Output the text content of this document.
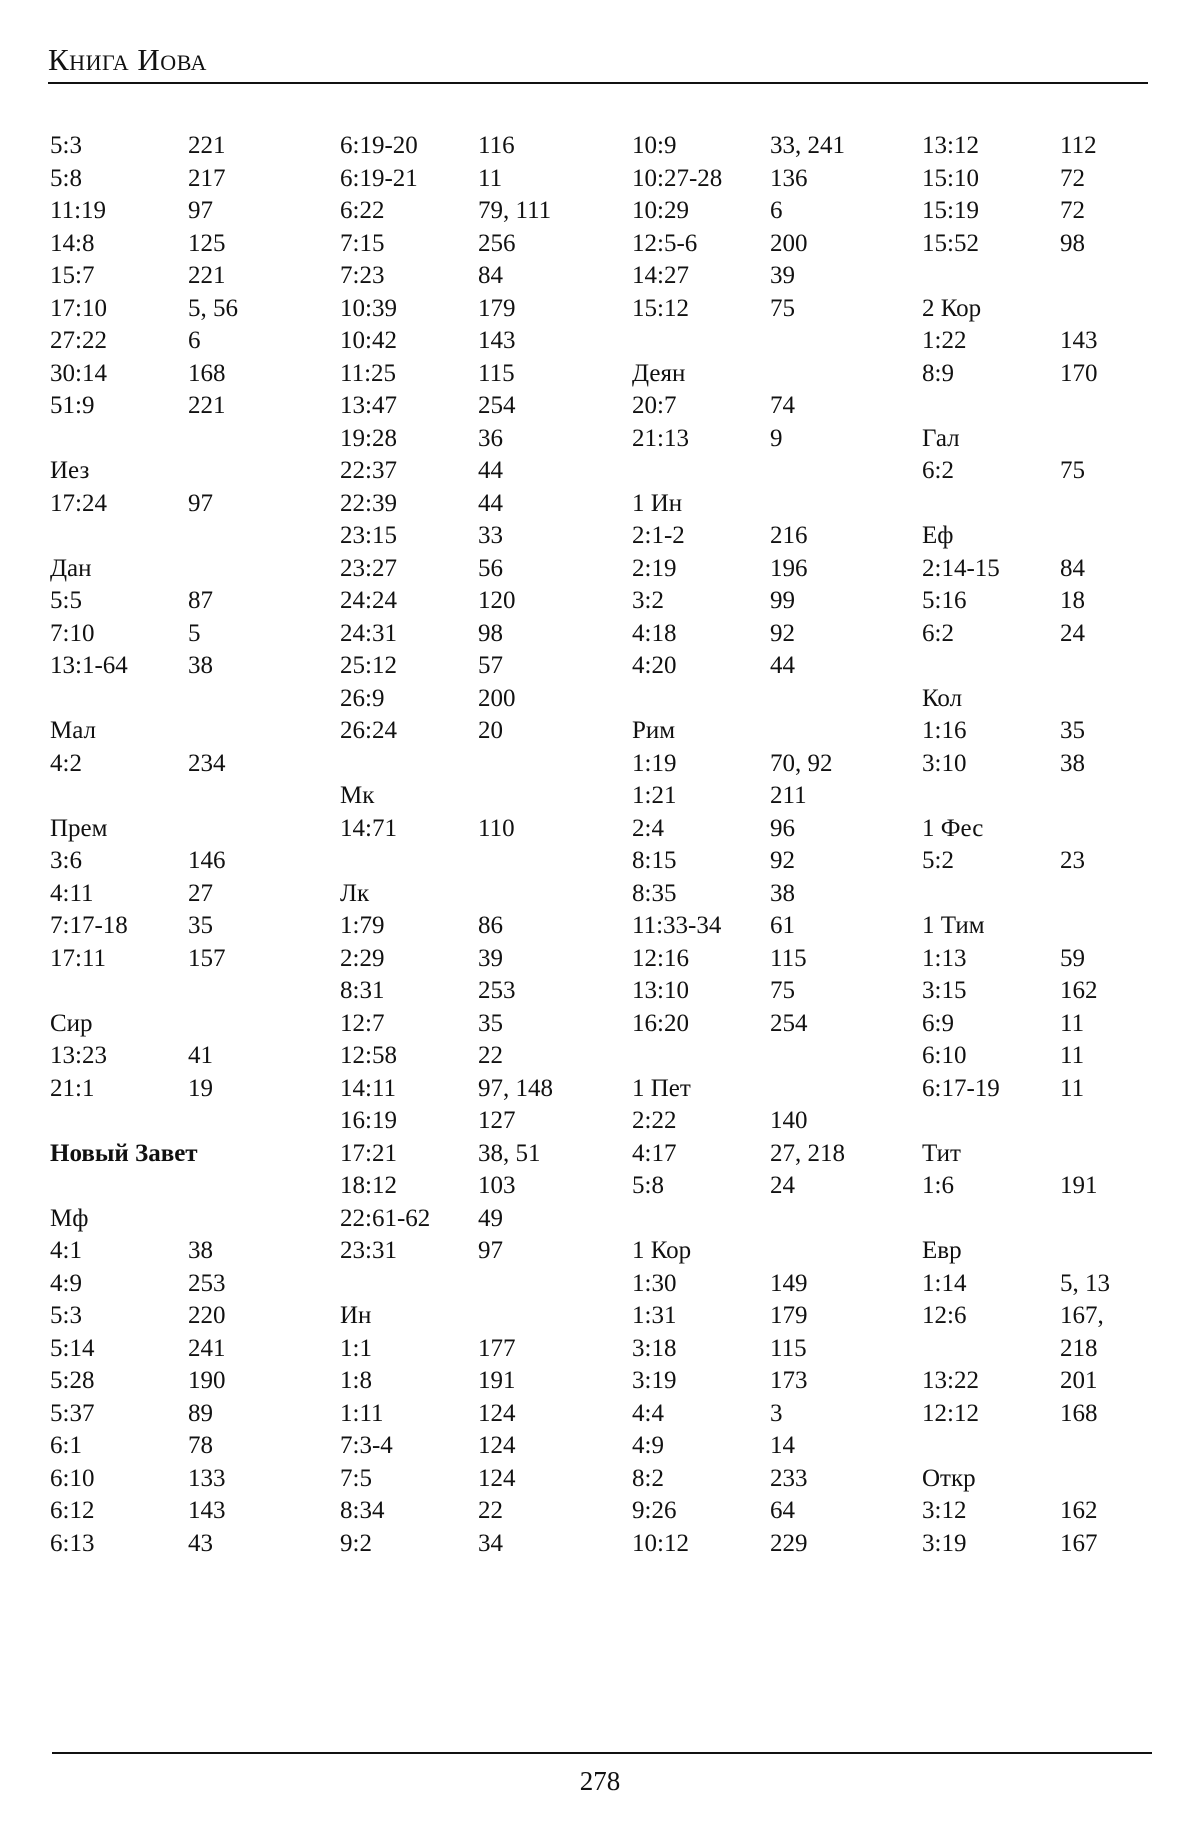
Книга Иова
5:3	221
5:8	217
11:19	97
14:8	125
15:7	221
17:10	5, 56
27:22	6
30:14	168
51:9	221
Иез
17:24	97
Дан
5:5	87
7:10	5
13:1-64 38
Мал
4:2	234
Прем
3:6	146
4:11	27
7:17-18 35
17:11	157
Сир
13:23	41
21:1	19
Новый Завет
Мф
4:1	38
4:9	253
5:3	220
5:14	241
5:28	190
5:37	89
6:1	78
6:10	133
6:12	143
6:13	43
6:19-20 116
6:19-21 11
6:22	79, 111
7:15	256
7:23	84
10:39	179
10:42	143
11:25	115
13:47	254
19:28	36
22:37	44
22:39	44
23:15	33
23:27	56
24:24	120
24:31	98
25:12	57
26:9	200
26:24	20
Мк
14:71	110
Лк
1:79	86
2:29	39
8:31	253
12:7	35
12:58	22
14:11	97, 148
16:19	127
17:21	38, 51
18:12	103
22:61-62 49
23:31	97
Ин
1:1	177
1:8	191
1:11	124
7:3-4	124
7:5	124
8:34	22
9:2	34
10:9	33, 241
10:27-28 136
10:29	6
12:5-6	200
14:27	39
15:12	75
Деян
20:7	74
21:13	9
1 Ин
2:1-2	216
2:19	196
3:2	99
4:18	92
4:20	44
Рим
1:19	70, 92
1:21	211
2:4	96
8:15	92
8:35	38
11:33-34 61
12:16	115
13:10	75
16:20	254
1 Пет
2:22	140
4:17	27, 218
5:8	24
1 Кор
1:30	149
1:31	179
3:18	115
3:19	173
4:4	3
4:9	14
8:2	233
9:26	64
10:12	229
13:12	112
15:10	72
15:19	72
15:52	98
2 Кор
1:22	143
8:9	170
Гал
6:2	75
Еф
2:14-15 84
5:16	18
6:2	24
Кол
1:16	35
3:10	38
1 Фес
5:2	23
1 Тим
1:13	59
3:15	162
6:9	11
6:10	11
6:17-19 11
Тит
1:6	191
Евр
1:14	5, 13
12:6	167,
218
13:22	201
12:12	168
Откр
3:12	162
3:19	167
278
